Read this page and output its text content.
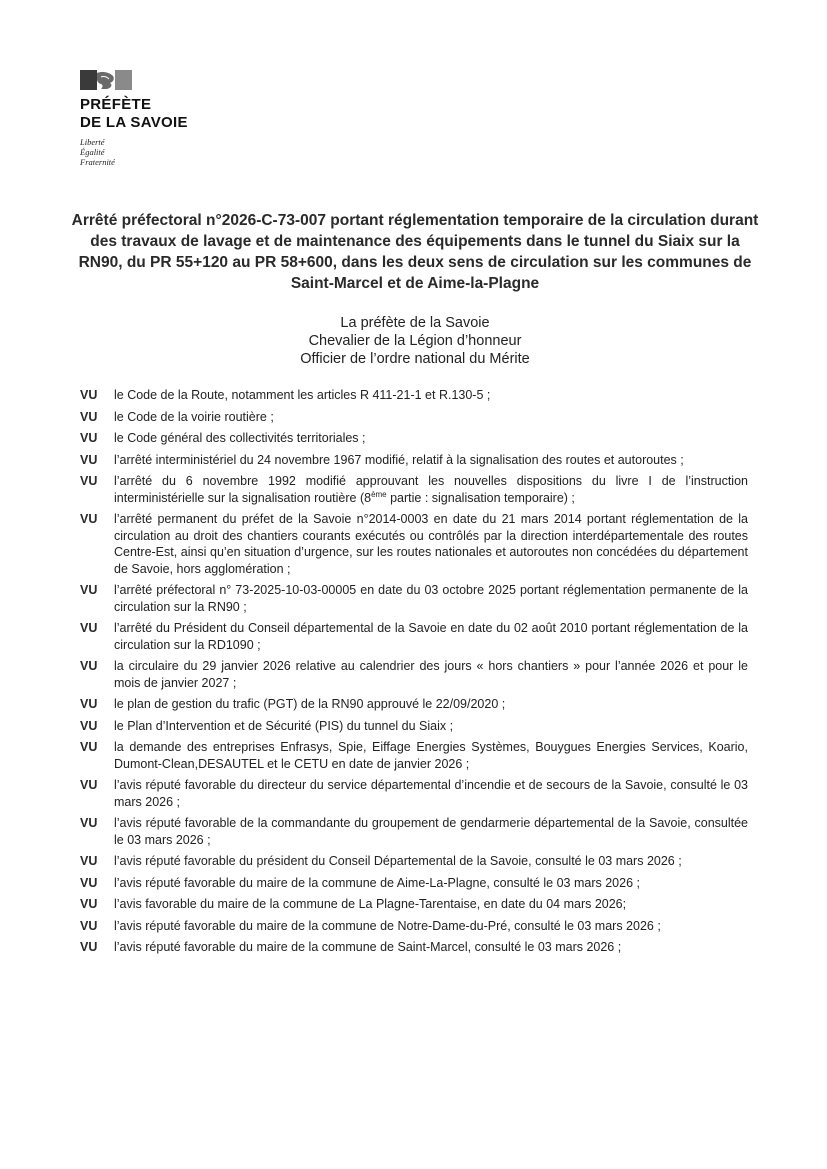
PRÉFÈTE
DE LA SAVOIE
Liberté
Égalité
Fraternité
Arrêté préfectoral n°2026-C-73-007 portant réglementation temporaire de la circulation durant des travaux de lavage et de maintenance des équipements dans le tunnel du Siaix sur la RN90, du PR 55+120 au PR 58+600, dans les deux sens de circulation sur les communes de Saint-Marcel et de Aime-la-Plagne
La préfète de la Savoie
Chevalier de la Légion d’honneur
Officier de l’ordre national du Mérite
VU	le Code de la Route, notamment les articles R 411-21-1 et R.130-5 ;
VU	le Code de la voirie routière ;
VU	le Code général des collectivités territoriales ;
VU	l’arrêté interministériel du 24 novembre 1967 modifié, relatif à la signalisation des routes et autoroutes ;
VU	l’arrêté du 6 novembre 1992 modifié approuvant les nouvelles dispositions du livre I de l’instruction interministérielle sur la signalisation routière (8ème partie : signalisation temporaire) ;
VU	l’arrêté permanent du préfet de la Savoie n°2014-0003 en date du 21 mars 2014 portant réglementation de la circulation au droit des chantiers courants exécutés ou contrôlés par la direction interdépartementale des routes Centre-Est, ainsi qu’en situation d’urgence, sur les routes nationales et autoroutes non concédées du département de Savoie, hors agglomération ;
VU	l’arrêté préfectoral n° 73-2025-10-03-00005 en date du 03 octobre 2025 portant réglementation permanente de la circulation sur la RN90 ;
VU	l’arrêté du Président du Conseil départemental de la Savoie en date du 02 août 2010 portant réglementation de la circulation sur la RD1090 ;
VU	la circulaire du 29 janvier 2026 relative au calendrier des jours « hors chantiers » pour l’année 2026 et pour le mois de janvier 2027 ;
VU	le plan de gestion du trafic (PGT) de la RN90 approuvé le 22/09/2020 ;
VU	le Plan d’Intervention et de Sécurité (PIS) du tunnel du Siaix ;
VU	la demande des entreprises Enfrasys, Spie, Eiffage Energies Systèmes, Bouygues Energies Services, Koario, Dumont-Clean,DESAUTEL et le CETU en date de janvier 2026 ;
VU	l’avis réputé favorable du directeur du service départemental d’incendie et de secours de la Savoie, consulté le 03 mars 2026 ;
VU	l’avis réputé favorable de la commandante du groupement de gendarmerie départemental de la Savoie, consultée le 03 mars 2026 ;
VU	l’avis réputé favorable du président du Conseil Départemental de la Savoie, consulté le 03 mars 2026 ;
VU	l’avis réputé favorable du maire de la commune de Aime-La-Plagne, consulté le 03 mars 2026 ;
VU	l’avis favorable du maire de la commune de La Plagne-Tarentaise, en date du 04 mars 2026;
VU	l’avis réputé favorable du maire de la commune de Notre-Dame-du-Pré, consulté le 03 mars 2026 ;
VU	l’avis réputé favorable du maire de la commune de Saint-Marcel, consulté le 03 mars 2026 ;
